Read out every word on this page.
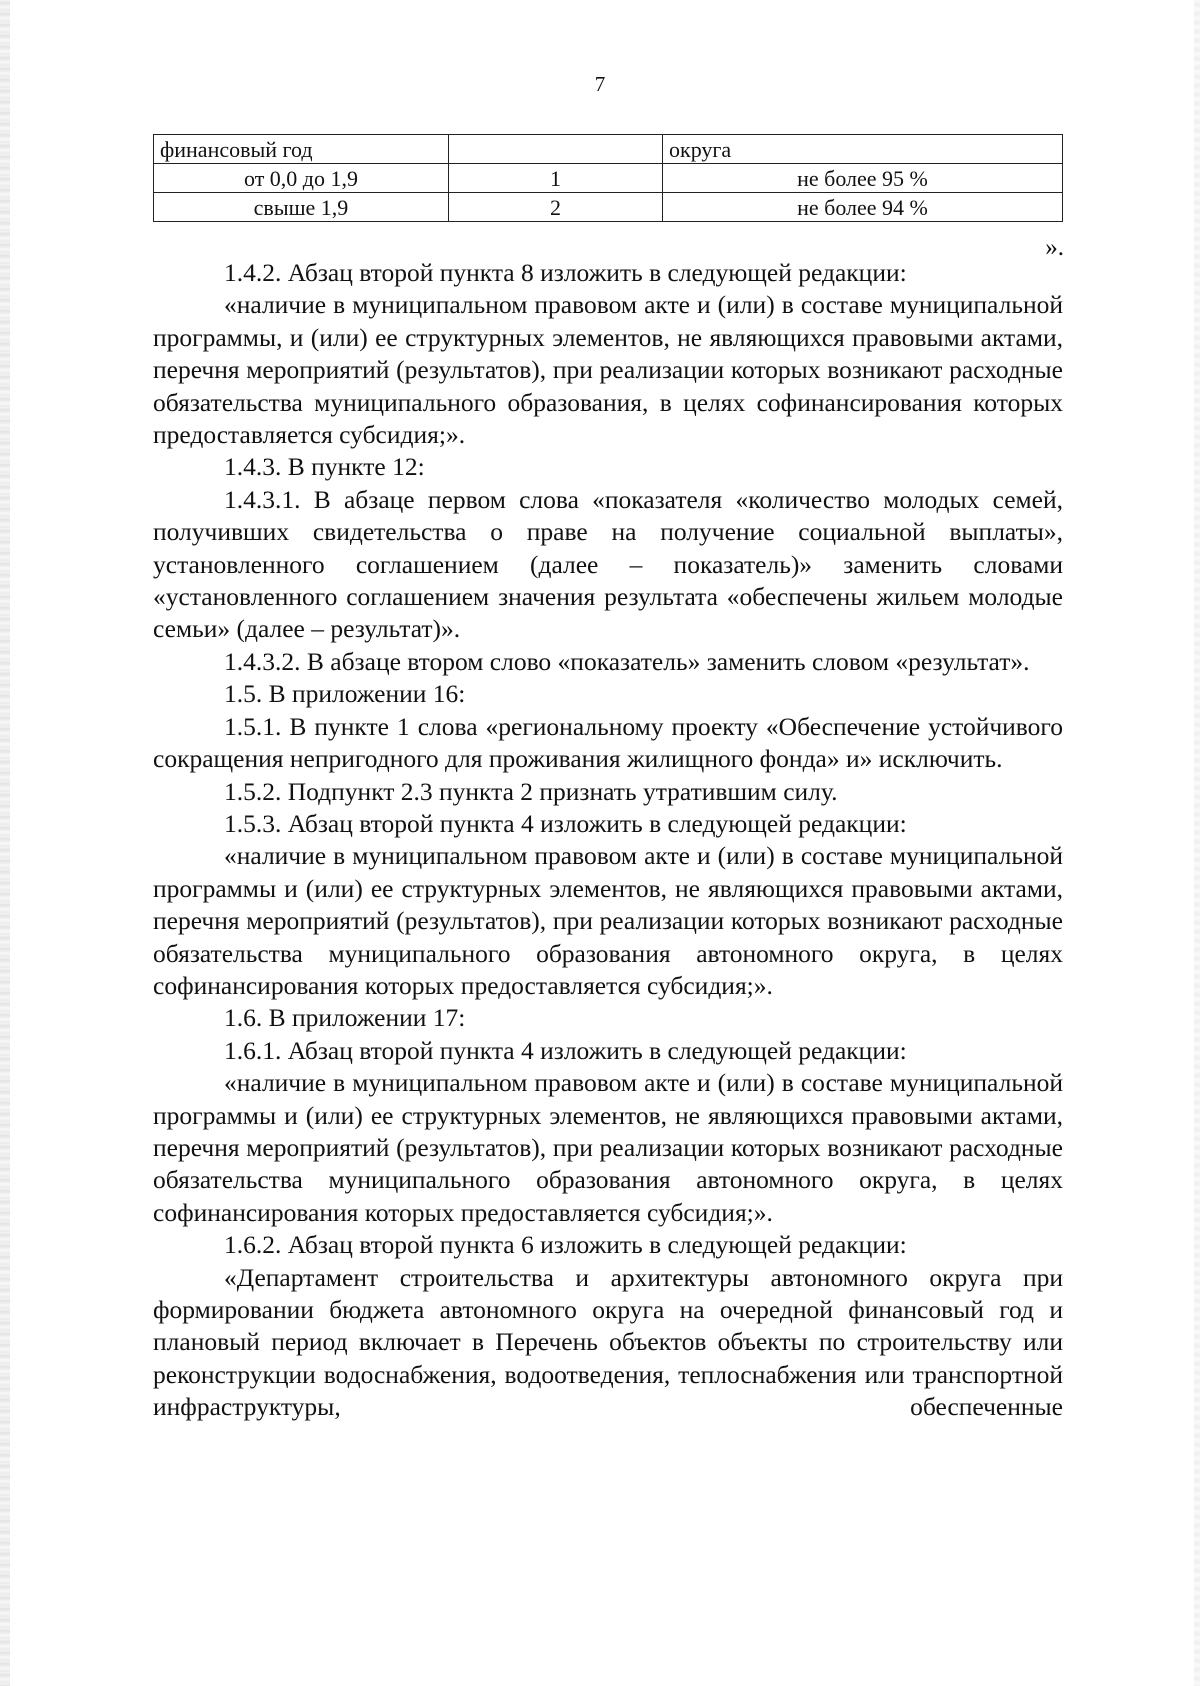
7
финансовый год		округа
от 0,0 до 1,9	1	не более 95 %
свыше 1,9	2	не более 94 %
».

1.4.2. Абзац второй пункта 8 изложить в следующей редакции:

«наличие в муниципальном правовом акте и (или) в составе муниципальной программы, и (или) ее структурных элементов, не являющихся правовыми актами, перечня мероприятий (результатов), при реализации которых возникают расходные обязательства муниципального образования, в целях софинансирования которых предоставляется субсидия;».

1.4.3. В пункте 12:

1.4.3.1. В абзаце первом слова «показателя «количество молодых семей, получивших свидетельства о праве на получение социальной выплаты», установленного соглашением (далее – показатель)» заменить словами «установленного соглашением значения результата «обеспечены жильем молодые семьи» (далее – результат)».

1.4.3.2. В абзаце втором слово «показатель» заменить словом «результат».

1.5. В приложении 16:

1.5.1. В пункте 1 слова «региональному проекту «Обеспечение устойчивого сокращения непригодного для проживания жилищного фонда» и» исключить.

1.5.2. Подпункт 2.3 пункта 2 признать утратившим силу.

1.5.3. Абзац второй пункта 4 изложить в следующей редакции:

«наличие в муниципальном правовом акте и (или) в составе муниципальной программы и (или) ее структурных элементов, не являющихся правовыми актами, перечня мероприятий (результатов), при реализации которых возникают расходные обязательства муниципального образования автономного округа, в целях софинансирования которых предоставляется субсидия;».

1.6. В приложении 17:

1.6.1. Абзац второй пункта 4 изложить в следующей редакции:

«наличие в муниципальном правовом акте и (или) в составе муниципальной программы и (или) ее структурных элементов, не являющихся правовыми актами, перечня мероприятий (результатов), при реализации которых возникают расходные обязательства муниципального образования автономного округа, в целях софинансирования которых предоставляется субсидия;».

1.6.2. Абзац второй пункта 6 изложить в следующей редакции:

«Департамент строительства и архитектуры автономного округа при формировании бюджета автономного округа на очередной финансовый год и плановый период включает в Перечень объектов объекты по строительству или реконструкции водоснабжения, водоотведения, теплоснабжения или транспортной инфраструктуры, обеспеченные
